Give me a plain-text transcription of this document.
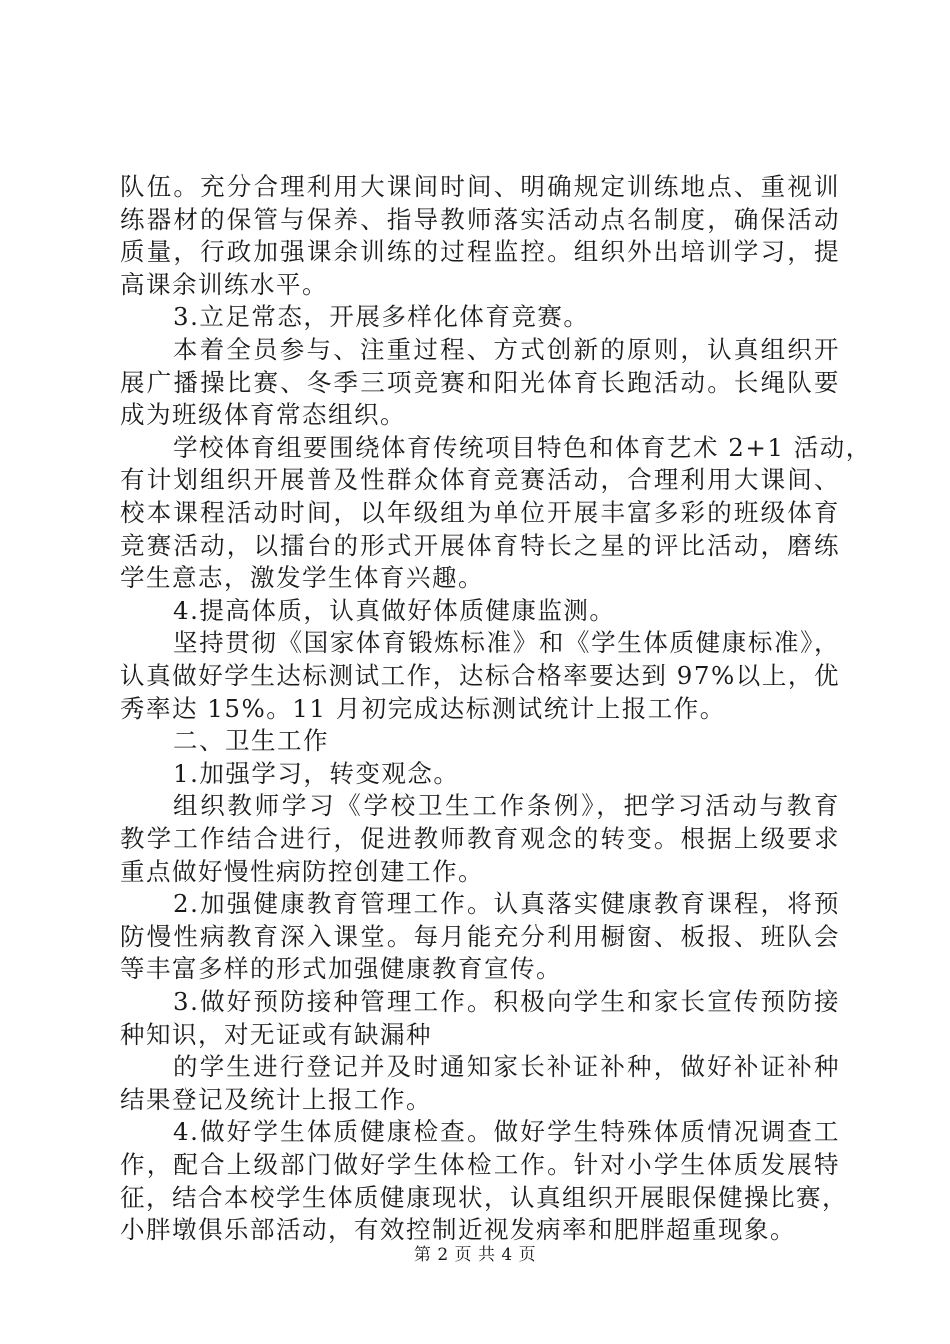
队伍。充分合理利用大课间时间、明确规定训练地点、重视训
练器材的保管与保养、指导教师落实活动点名制度，确保活动
质量，行政加强课余训练的过程监控。组织外出培训学习，提
高课余训练水平。
3.立足常态，开展多样化体育竞赛。
本着全员参与、注重过程、方式创新的原则，认真组织开
展广播操比赛、冬季三项竞赛和阳光体育长跑活动。长绳队要
成为班级体育常态组织。
学校体育组要围绕体育传统项目特色和体育艺术 2+1 活动，
有计划组织开展普及性群众体育竞赛活动，合理利用大课间、
校本课程活动时间，以年级组为单位开展丰富多彩的班级体育
竞赛活动，以擂台的形式开展体育特长之星的评比活动，磨练
学生意志，激发学生体育兴趣。
4.提高体质，认真做好体质健康监测。
坚持贯彻《国家体育锻炼标准》和《学生体质健康标准》，
认真做好学生达标测试工作，达标合格率要达到 97%以上，优
秀率达 15%。11 月初完成达标测试统计上报工作。
二、卫生工作
1.加强学习，转变观念。
组织教师学习《学校卫生工作条例》，把学习活动与教育
教学工作结合进行，促进教师教育观念的转变。根据上级要求
重点做好慢性病防控创建工作。
2.加强健康教育管理工作。认真落实健康教育课程，将预
防慢性病教育深入课堂。每月能充分利用橱窗、板报、班队会
等丰富多样的形式加强健康教育宣传。
3.做好预防接种管理工作。积极向学生和家长宣传预防接
种知识，对无证或有缺漏种
的学生进行登记并及时通知家长补证补种，做好补证补种
结果登记及统计上报工作。
4.做好学生体质健康检查。做好学生特殊体质情况调查工
作，配合上级部门做好学生体检工作。针对小学生体质发展特
征，结合本校学生体质健康现状，认真组织开展眼保健操比赛，
小胖墩俱乐部活动，有效控制近视发病率和肥胖超重现象。
第 2 页 共 4 页
